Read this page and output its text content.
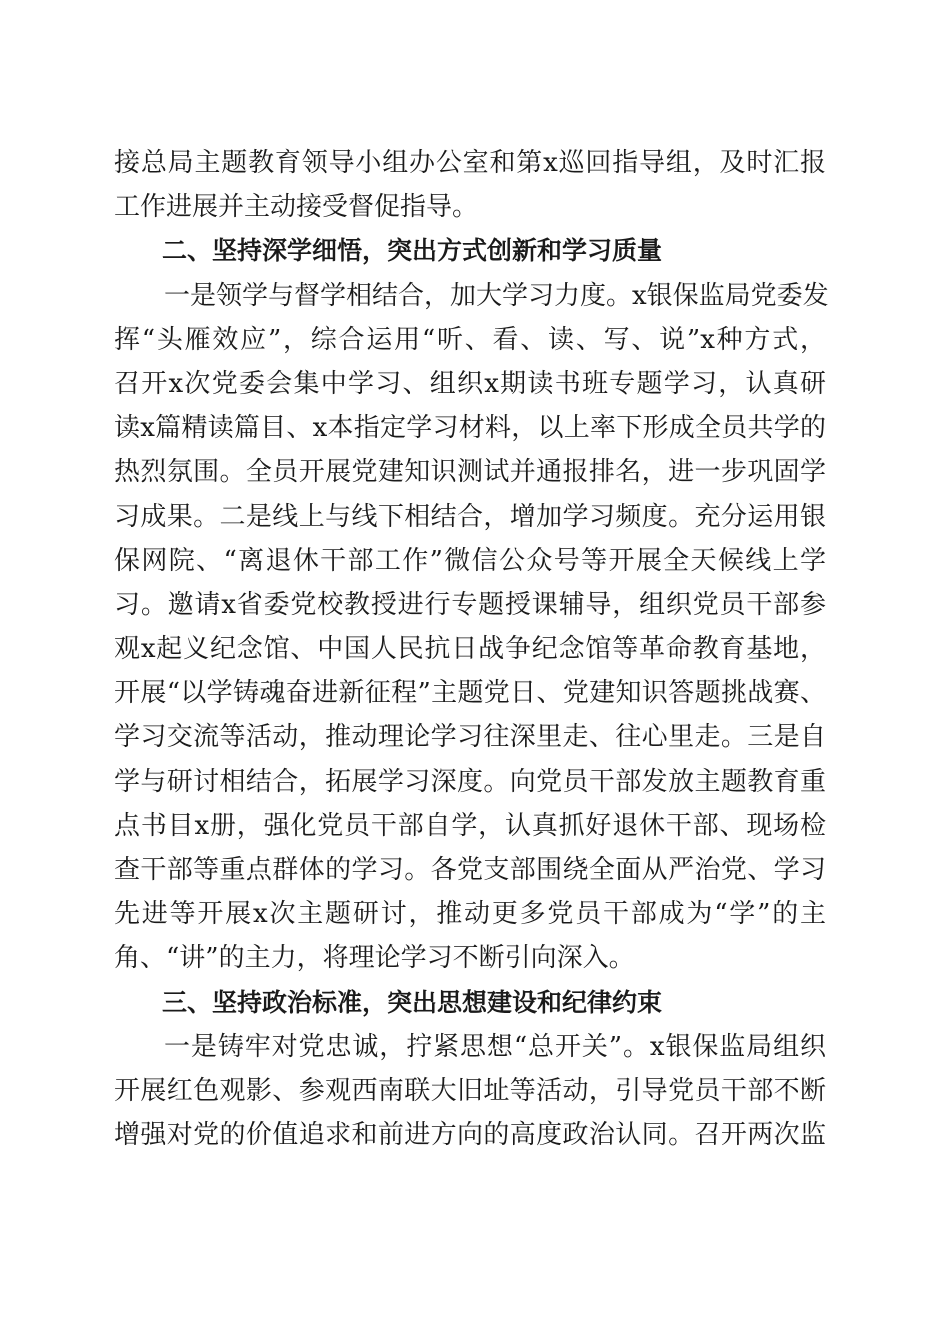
接总局主题教育领导小组办公室和第x巡回指导组，及时汇报
工作进展并主动接受督促指导。
二、坚持深学细悟，突出方式创新和学习质量
一是领学与督学相结合，加大学习力度。x银保监局党委发
挥“头雁效应”，综合运用“听、看、读、写、说”x种方式，
召开x次党委会集中学习、组织x期读书班专题学习，认真研
读x篇精读篇目、x本指定学习材料，以上率下形成全员共学的
热烈氛围。全员开展党建知识测试并通报排名，进一步巩固学
习成果。二是线上与线下相结合，增加学习频度。充分运用银
保网院、“离退休干部工作”微信公众号等开展全天候线上学
习。邀请x省委党校教授进行专题授课辅导，组织党员干部参
观x起义纪念馆、中国人民抗日战争纪念馆等革命教育基地，
开展“以学铸魂奋进新征程”主题党日、党建知识答题挑战赛、
学习交流等活动，推动理论学习往深里走、往心里走。三是自
学与研讨相结合，拓展学习深度。向党员干部发放主题教育重
点书目x册，强化党员干部自学，认真抓好退休干部、现场检
查干部等重点群体的学习。各党支部围绕全面从严治党、学习
先进等开展x次主题研讨，推动更多党员干部成为“学”的主
角、“讲”的主力，将理论学习不断引向深入。
三、坚持政治标准，突出思想建设和纪律约束
一是铸牢对党忠诚，拧紧思想“总开关”。x银保监局组织
开展红色观影、参观西南联大旧址等活动，引导党员干部不断
增强对党的价值追求和前进方向的高度政治认同。召开两次监
